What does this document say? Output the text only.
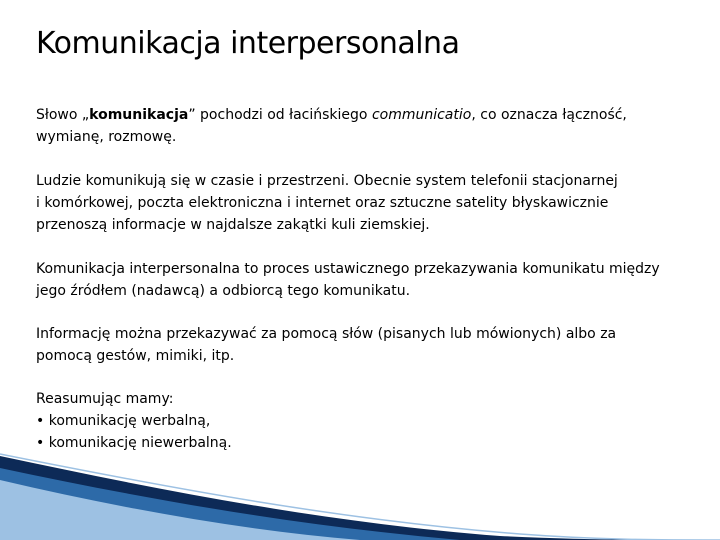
Komunikacja interpersonalna

Słowo „komunikacja” pochodzi od łacińskiego communicatio, co oznacza łączność,
wymianę, rozmowę.

Ludzie komunikują się w czasie i przestrzeni. Obecnie system telefonii stacjonarnej
i komórkowej, poczta elektroniczna i internet oraz sztuczne satelity błyskawicznie
przenoszą informacje w najdalsze zakątki kuli ziemskiej.

Komunikacja interpersonalna to proces ustawicznego przekazywania komunikatu między
jego źródłem (nadawcą) a odbiorcą tego komunikatu.

Informację można przekazywać za pomocą słów (pisanych lub mówionych) albo za
pomocą gestów, mimiki, itp.

Reasumując mamy:
• komunikację werbalną,
• komunikację niewerbalną.
